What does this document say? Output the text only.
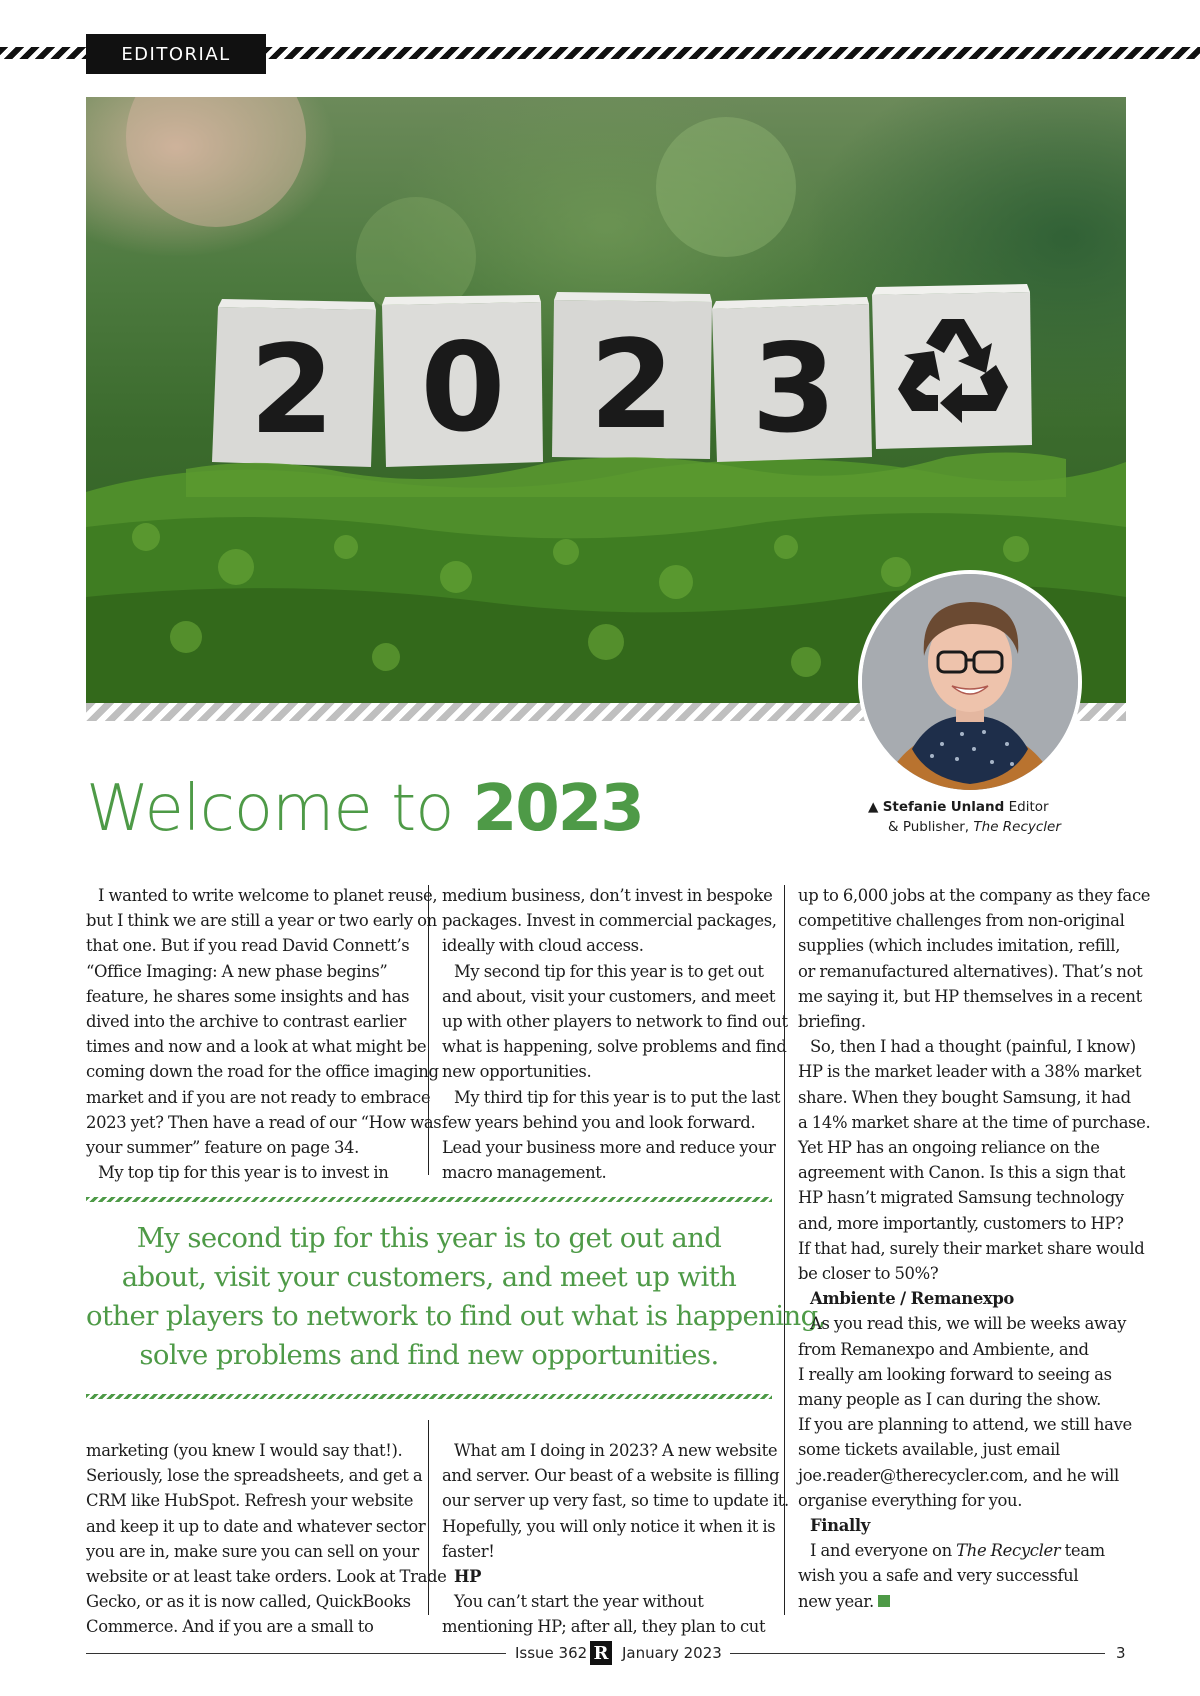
EDITORIAL
2 0 2 3
▲ Stefanie Unland Editor
& Publisher, The Recycler
Welcome to 2023
I wanted to write welcome to planet reuse,
but I think we are still a year or two early on
that one. But if you read David Connett’s
“Office Imaging: A new phase begins”
feature, he shares some insights and has
dived into the archive to contrast earlier
times and now and a look at what might be
coming down the road for the office imaging
market and if you are not ready to embrace
2023 yet? Then have a read of our “How was
your summer” feature on page 34.
My top tip for this year is to invest in
medium business, don’t invest in bespoke
packages. Invest in commercial packages,
ideally with cloud access.
My second tip for this year is to get out
and about, visit your customers, and meet
up with other players to network to find out
what is happening, solve problems and find
new opportunities.
My third tip for this year is to put the last
few years behind you and look forward.
Lead your business more and reduce your
macro management.
My second tip for this year is to get out and
about, visit your customers, and meet up with
other players to network to find out what is happening,
solve problems and find new opportunities.
marketing (you knew I would say that!).
Seriously, lose the spreadsheets, and get a
CRM like HubSpot. Refresh your website
and keep it up to date and whatever sector
you are in, make sure you can sell on your
website or at least take orders. Look at Trade
Gecko, or as it is now called, QuickBooks
Commerce. And if you are a small to
What am I doing in 2023? A new website
and server. Our beast of a website is filling
our server up very fast, so time to update it.
Hopefully, you will only notice it when it is
faster!
HP
You can’t start the year without
mentioning HP; after all, they plan to cut
up to 6,000 jobs at the company as they face
competitive challenges from non-original
supplies (which includes imitation, refill,
or remanufactured alternatives). That’s not
me saying it, but HP themselves in a recent
briefing.
So, then I had a thought (painful, I know)
HP is the market leader with a 38% market
share. When they bought Samsung, it had
a 14% market share at the time of purchase.
Yet HP has an ongoing reliance on the
agreement with Canon. Is this a sign that
HP hasn’t migrated Samsung technology
and, more importantly, customers to HP?
If that had, surely their market share would
be closer to 50%?
Ambiente / Remanexpo
As you read this, we will be weeks away
from Remanexpo and Ambiente, and
I really am looking forward to seeing as
many people as I can during the show.
If you are planning to attend, we still have
some tickets available, just email
joe.reader@therecycler.com, and he will
organise everything for you.
Finally
I and everyone on The Recycler team
wish you a safe and very successful
new year.
Issue 362 R January 2023	3
